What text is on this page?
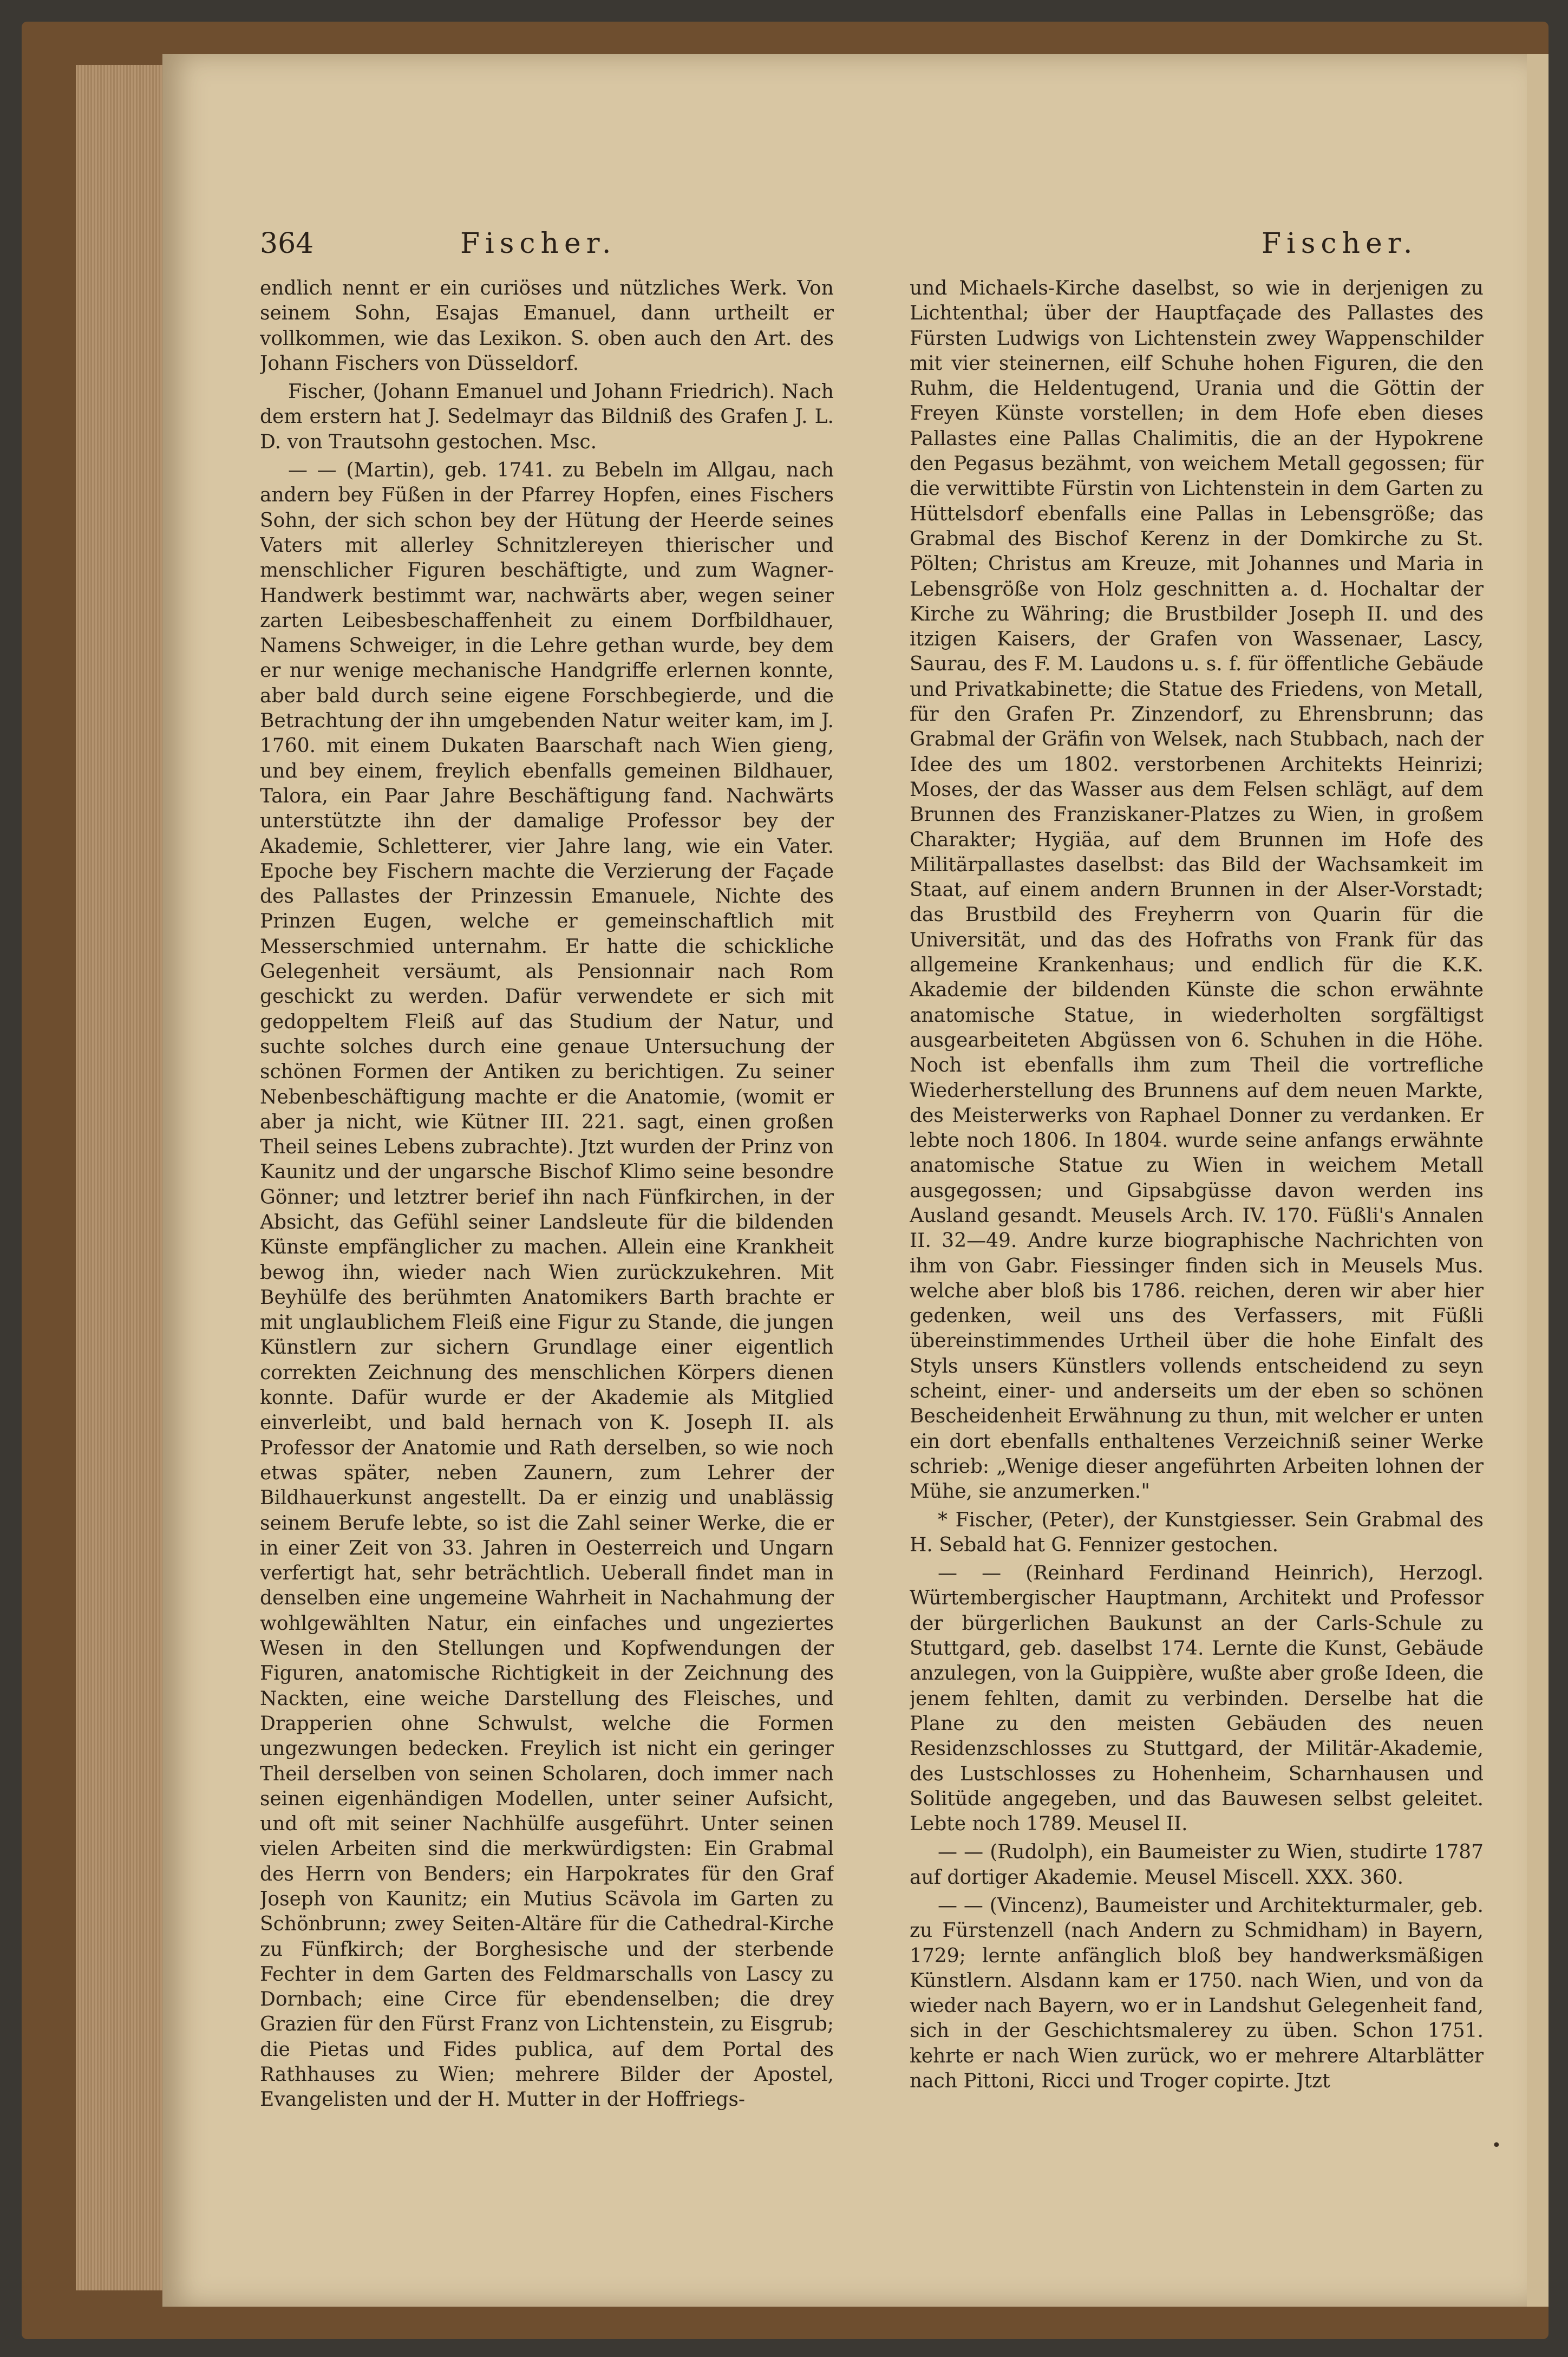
364	Fischer.	Fischer.

endlich nennt er ein curiöses und nützliches Werk. Von seinem Sohn, Esajas Emanuel, dann urtheilt er vollkommen, wie das Lexikon. S. oben auch den Art. des Johann Fischers von Düsseldorf.

Fischer, (Johann Emanuel und Johann Friedrich). Nach dem erstern hat J. Sedelmayr das Bildniß des Grafen J. L. D. von Trautsohn gestochen. Msc.

— — (Martin), geb. 1741. zu Bebeln im Allgau, nach andern bey Füßen in der Pfarrey Hopfen, eines Fischers Sohn, der sich schon bey der Hütung der Heerde seines Vaters mit allerley Schnitzlereyen thierischer und menschlicher Figuren beschäftigte, und zum Wagner-Handwerk bestimmt war, nachwärts aber, wegen seiner zarten Leibesbeschaffenheit zu einem Dorfbildhauer, Namens Schweiger, in die Lehre gethan wurde, bey dem er nur wenige mechanische Handgriffe erlernen konnte, aber bald durch seine eigene Forschbegierde, und die Betrachtung der ihn umgebenden Natur weiter kam, im J. 1760. mit einem Dukaten Baarschaft nach Wien gieng, und bey einem, freylich ebenfalls gemeinen Bildhauer, Talora, ein Paar Jahre Beschäftigung fand. Nachwärts unterstützte ihn der damalige Professor bey der Akademie, Schletterer, vier Jahre lang, wie ein Vater. Epoche bey Fischern machte die Verzierung der Façade des Pallastes der Prinzessin Emanuele, Nichte des Prinzen Eugen, welche er gemeinschaftlich mit Messerschmied unternahm. Er hatte die schickliche Gelegenheit versäumt, als Pensionnair nach Rom geschickt zu werden. Dafür verwendete er sich mit gedoppeltem Fleiß auf das Studium der Natur, und suchte solches durch eine genaue Untersuchung der schönen Formen der Antiken zu berichtigen. Zu seiner Nebenbeschäftigung machte er die Anatomie, (womit er aber ja nicht, wie Kütner III. 221. sagt, einen großen Theil seines Lebens zubrachte). Jtzt wurden der Prinz von Kaunitz und der ungarsche Bischof Klimo seine besondre Gönner; und letztrer berief ihn nach Fünfkirchen, in der Absicht, das Gefühl seiner Landsleute für die bildenden Künste empfänglicher zu machen. Allein eine Krankheit bewog ihn, wieder nach Wien zurückzukehren. Mit Beyhülfe des berühmten Anatomikers Barth brachte er mit unglaublichem Fleiß eine Figur zu Stande, die jungen Künstlern zur sichern Grundlage einer eigentlich correkten Zeichnung des menschlichen Körpers dienen konnte. Dafür wurde er der Akademie als Mitglied einverleibt, und bald hernach von K. Joseph II. als Professor der Anatomie und Rath derselben, so wie noch etwas später, neben Zaunern, zum Lehrer der Bildhauerkunst angestellt. Da er einzig und unablässig seinem Berufe lebte, so ist die Zahl seiner Werke, die er in einer Zeit von 33. Jahren in Oesterreich und Ungarn verfertigt hat, sehr beträchtlich. Ueberall findet man in denselben eine ungemeine Wahrheit in Nachahmung der wohlgewählten Natur, ein einfaches und ungeziertes Wesen in den Stellungen und Kopfwendungen der Figuren, anatomische Richtigkeit in der Zeichnung des Nackten, eine weiche Darstellung des Fleisches, und Drapperien ohne Schwulst, welche die Formen ungezwungen bedecken. Freylich ist nicht ein geringer Theil derselben von seinen Scholaren, doch immer nach seinen eigenhändigen Modellen, unter seiner Aufsicht, und oft mit seiner Nachhülfe ausgeführt. Unter seinen vielen Arbeiten sind die merkwürdigsten: Ein Grabmal des Herrn von Benders; ein Harpokrates für den Graf Joseph von Kaunitz; ein Mutius Scävola im Garten zu Schönbrunn; zwey Seiten-Altäre für die Cathedral-Kirche zu Fünfkirch; der Borghesische und der sterbende Fechter in dem Garten des Feldmarschalls von Lascy zu Dornbach; eine Circe für ebendenselben; die drey Grazien für den Fürst Franz von Lichtenstein, zu Eisgrub; die Pietas und Fides publica, auf dem Portal des Rathhauses zu Wien; mehrere Bilder der Apostel, Evangelisten und der H. Mutter in der Hoffriegs-

und Michaels-Kirche daselbst, so wie in derjenigen zu Lichtenthal; über der Hauptfaçade des Pallastes des Fürsten Ludwigs von Lichtenstein zwey Wappenschilder mit vier steinernen, eilf Schuhe hohen Figuren, die den Ruhm, die Heldentugend, Urania und die Göttin der Freyen Künste vorstellen; in dem Hofe eben dieses Pallastes eine Pallas Chalimitis, die an der Hypokrene den Pegasus bezähmt, von weichem Metall gegossen; für die verwittibte Fürstin von Lichtenstein in dem Garten zu Hüttelsdorf ebenfalls eine Pallas in Lebensgröße; das Grabmal des Bischof Kerenz in der Domkirche zu St. Pölten; Christus am Kreuze, mit Johannes und Maria in Lebensgröße von Holz geschnitten a. d. Hochaltar der Kirche zu Währing; die Brustbilder Joseph II. und des itzigen Kaisers, der Grafen von Wassenaer, Lascy, Saurau, des F. M. Laudons u. s. f. für öffentliche Gebäude und Privatkabinette; die Statue des Friedens, von Metall, für den Grafen Pr. Zinzendorf, zu Ehrensbrunn; das Grabmal der Gräfin von Welsek, nach Stubbach, nach der Idee des um 1802. verstorbenen Architekts Heinrizi; Moses, der das Wasser aus dem Felsen schlägt, auf dem Brunnen des Franziskaner-Platzes zu Wien, in großem Charakter; Hygiäa, auf dem Brunnen im Hofe des Militärpallastes daselbst: das Bild der Wachsamkeit im Staat, auf einem andern Brunnen in der Alser-Vorstadt; das Brustbild des Freyherrn von Quarin für die Universität, und das des Hofraths von Frank für das allgemeine Krankenhaus; und endlich für die K.K. Akademie der bildenden Künste die schon erwähnte anatomische Statue, in wiederholten sorgfältigst ausgearbeiteten Abgüssen von 6. Schuhen in die Höhe. Noch ist ebenfalls ihm zum Theil die vortrefliche Wiederherstellung des Brunnens auf dem neuen Markte, des Meisterwerks von Raphael Donner zu verdanken. Er lebte noch 1806. In 1804. wurde seine anfangs erwähnte anatomische Statue zu Wien in weichem Metall ausgegossen; und Gipsabgüsse davon werden ins Ausland gesandt. Meusels Arch. IV. 170. Füßli's Annalen II. 32—49. Andre kurze biographische Nachrichten von ihm von Gabr. Fiessinger finden sich in Meusels Mus. welche aber bloß bis 1786. reichen, deren wir aber hier gedenken, weil uns des Verfassers, mit Füßli übereinstimmendes Urtheil über die hohe Einfalt des Styls unsers Künstlers vollends entscheidend zu seyn scheint, einer- und anderseits um der eben so schönen Bescheidenheit Erwähnung zu thun, mit welcher er unten ein dort ebenfalls enthaltenes Verzeichniß seiner Werke schrieb: „Wenige dieser angeführten Arbeiten lohnen der Mühe, sie anzumerken."

* Fischer, (Peter), der Kunstgiesser. Sein Grabmal des H. Sebald hat G. Fennizer gestochen.

— — (Reinhard Ferdinand Heinrich), Herzogl. Würtembergischer Hauptmann, Architekt und Professor der bürgerlichen Baukunst an der Carls-Schule zu Stuttgard, geb. daselbst 174. Lernte die Kunst, Gebäude anzulegen, von la Guippière, wußte aber große Ideen, die jenem fehlten, damit zu verbinden. Derselbe hat die Plane zu den meisten Gebäuden des neuen Residenzschlosses zu Stuttgard, der Militär-Akademie, des Lustschlosses zu Hohenheim, Scharnhausen und Solitüde angegeben, und das Bauwesen selbst geleitet. Lebte noch 1789. Meusel II.

— — (Rudolph), ein Baumeister zu Wien, studirte 1787 auf dortiger Akademie. Meusel Miscell. XXX. 360.

— — (Vincenz), Baumeister und Architekturmaler, geb. zu Fürstenzell (nach Andern zu Schmidham) in Bayern, 1729; lernte anfänglich bloß bey handwerksmäßigen Künstlern. Alsdann kam er 1750. nach Wien, und von da wieder nach Bayern, wo er in Landshut Gelegenheit fand, sich in der Geschichtsmalerey zu üben. Schon 1751. kehrte er nach Wien zurück, wo er mehrere Altarblätter nach Pittoni, Ricci und Troger copirte. Jtzt

•
